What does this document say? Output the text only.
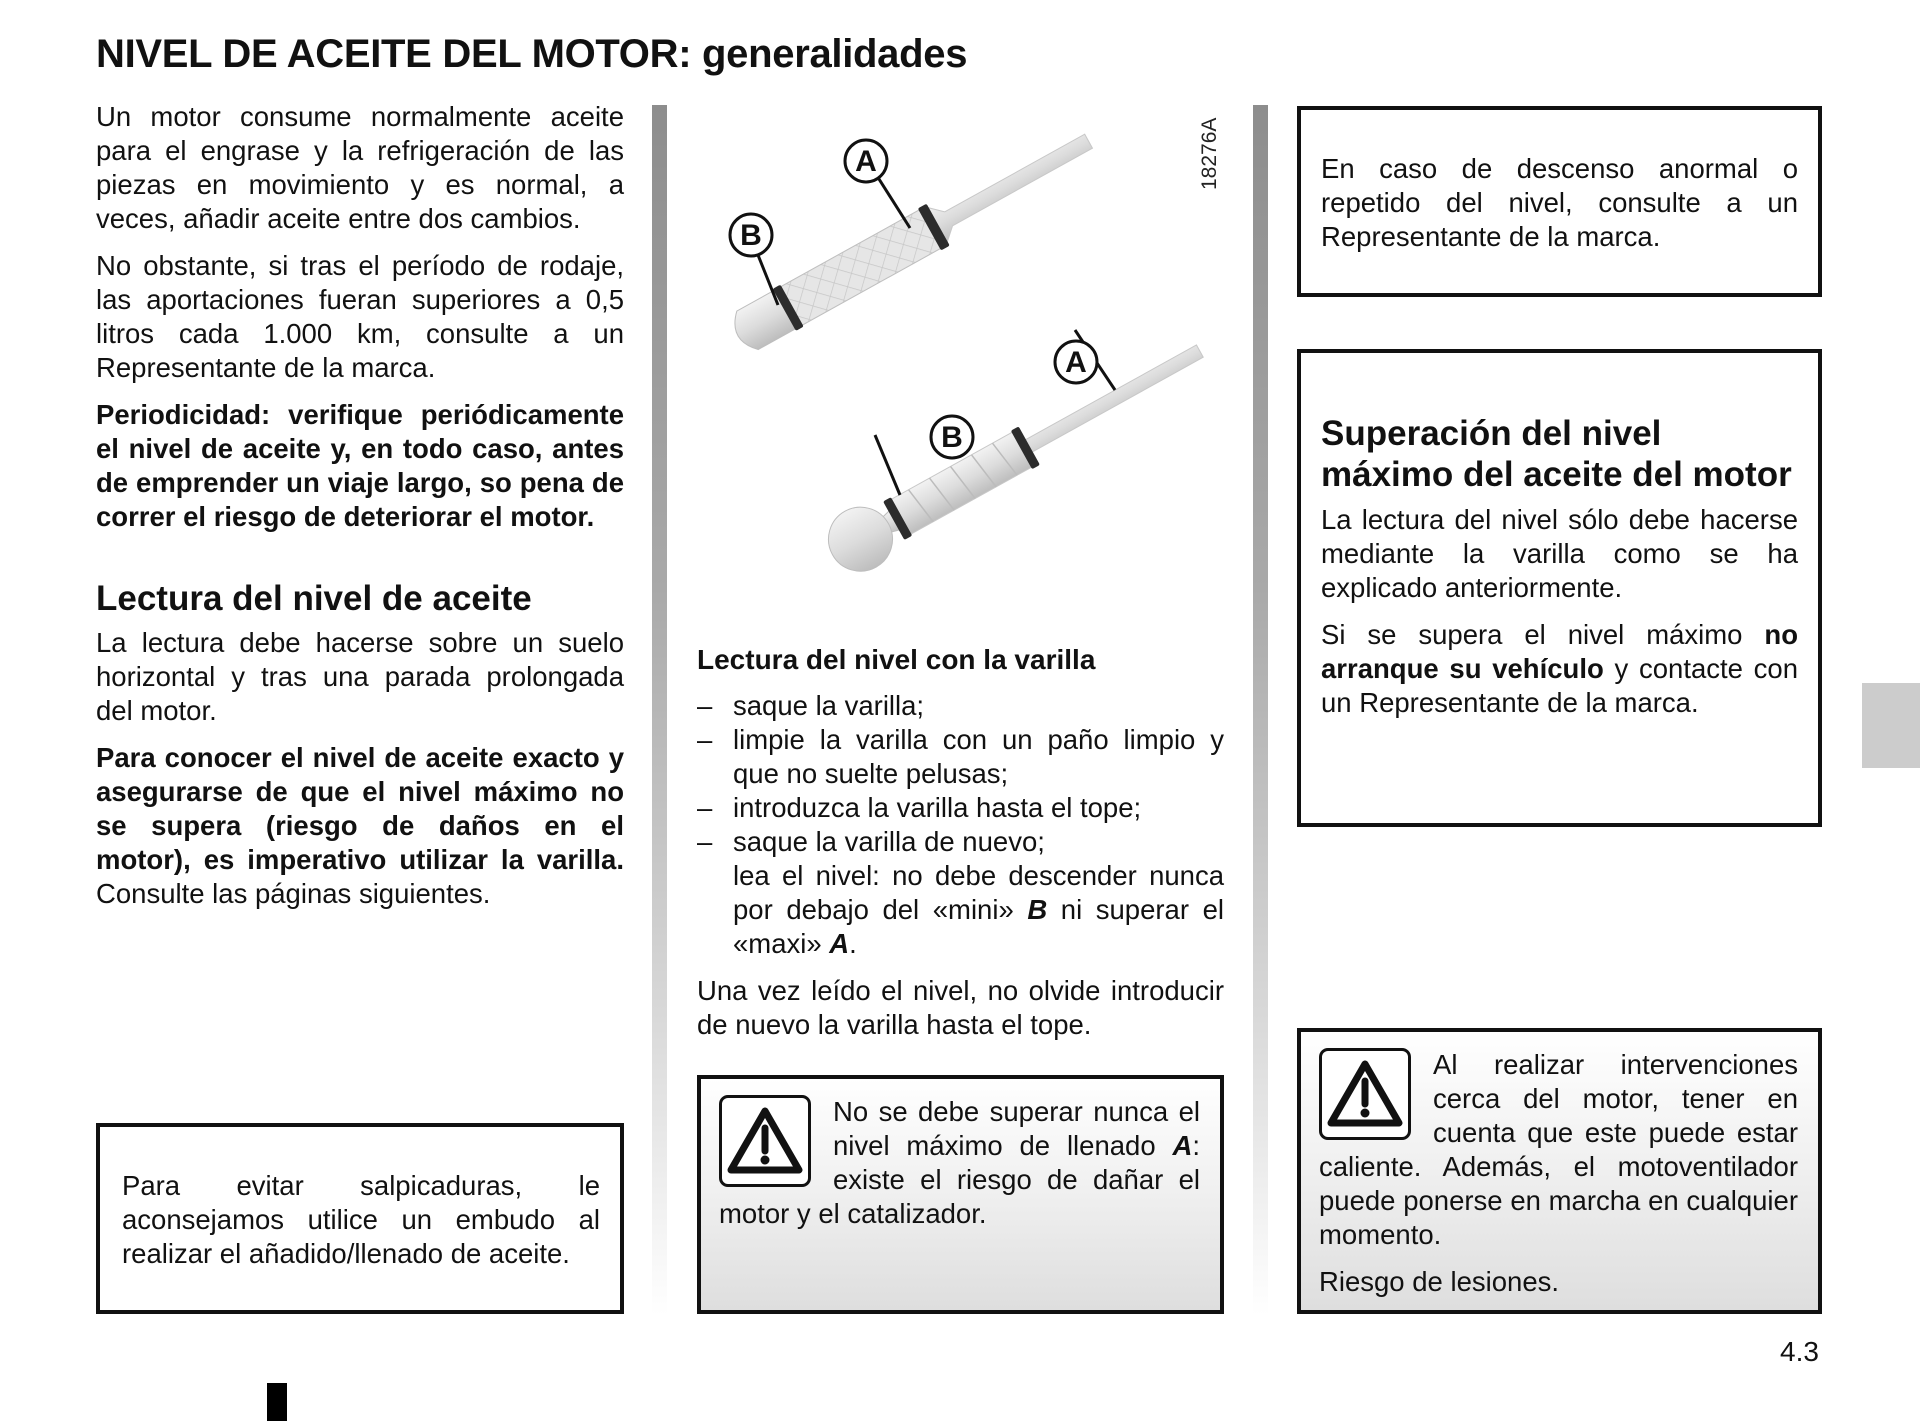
NIVEL DE ACEITE DEL MOTOR: generalidades

Un motor consume normalmente aceite para el engrase y la refrigeración de las piezas en movimiento y es normal, a veces, añadir aceite entre dos cambios.

No obstante, si tras el período de rodaje, las aportaciones fueran superiores a 0,5 litros cada 1.000 km, consulte a un Representante de la marca.

Periodicidad: verifique periódicamente el nivel de aceite y, en todo caso, antes de emprender un viaje largo, so pena de correr el riesgo de deteriorar el motor.

Lectura del nivel de aceite

La lectura debe hacerse sobre un suelo horizontal y tras una parada prolongada del motor.

Para conocer el nivel de aceite exacto y asegurarse de que el nivel máximo no se supera (riesgo de daños en el motor), es imperativo utilizar la varilla. Consulte las páginas siguientes.

Para evitar salpicaduras, le aconsejamos utilice un embudo al realizar el añadido/llenado de aceite.

A
B
A
B
18276A
Lectura del nivel con la varilla
– saque la varilla;
– limpie la varilla con un paño limpio y que no suelte pelusas;
– introduzca la varilla hasta el tope;
– saque la varilla de nuevo;
lea el nivel: no debe descender nunca por debajo del «mini» B ni superar el «maxi» A.

Una vez leído el nivel, no olvide introducir de nuevo la varilla hasta el tope.

No se debe superar nunca el nivel máximo de llenado A: existe el riesgo de dañar el motor y el catalizador.

En caso de descenso anormal o repetido del nivel, consulte a un Representante de la marca.

Superación del nivel máximo del aceite del motor

La lectura del nivel sólo debe hacerse mediante la varilla como se ha explicado anteriormente.

Si se supera el nivel máximo no arranque su vehículo y contacte con un Representante de la marca.

Al realizar intervenciones cerca del motor, tener en cuenta que este puede estar caliente. Además, el motoventilador puede ponerse en marcha en cualquier momento.

Riesgo de lesiones.

4.3
